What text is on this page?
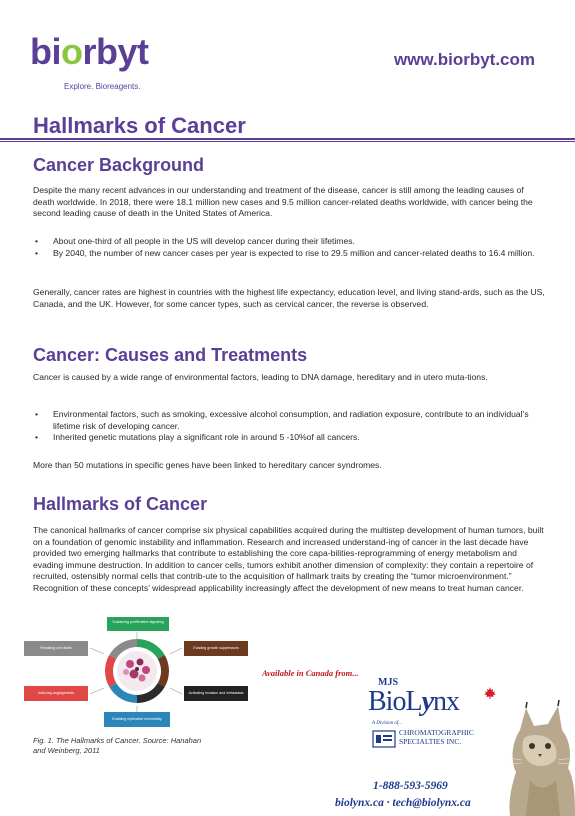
biorbyt
Explore. Bioreagents.
www.biorbyt.com
Hallmarks of Cancer
Cancer Background

Despite the many recent advances in our understanding and treatment of the disease, cancer is still among the leading causes of death worldwide. In 2018, there were 18.1 million new cases and 9.5 million cancer-related deaths worldwide, with cancer being the second leading cause of death in the United States of America.

• About one-third of all people in the US will develop cancer during their lifetimes.
• By 2040, the number of new cancer cases per year is expected to rise to 29.5 million and cancer-related deaths to 16.4 million.

Generally, cancer rates are highest in countries with the highest life expectancy, education level, and living stand-ards, such as the US, Canada, and the UK. However, for some cancer types, such as cervical cancer, the reverse is observed.

Cancer: Causes and Treatments

Cancer is caused by a wide range of environmental factors, leading to DNA damage, hereditary and in utero muta-tions.

• Environmental factors, such as smoking, excessive alcohol consumption, and radiation exposure, contribute to an individual’s lifetime risk of developing cancer.
• Inherited genetic mutations play a significant role in around 5 -10%of all cancers.

More than 50 mutations in specific genes have been linked to hereditary cancer syndromes.

Hallmarks of Cancer

The canonical hallmarks of cancer comprise six physical capabilities acquired during the multistep development of human tumors, built on a foundation of genomic instability and inflammation. Research and increased understand-ing of cancer in the last decade have provided two emerging hallmarks that contribute to establishing the core capa-bilities-reprogramming of energy metabolism and evading immune destruction. In addition to cancer cells, tumors exhibit another dimension of complexity: they contain a repertoire of recruited, ostensibly normal cells that contrib-ute to the acquisition of hallmark traits by creating the “tumor microenvironment.” Recognition of these concepts’ widespread applicability increasingly affect the development of new means to treat human cancer.

Sustaining proliferative signaling
Resisting cell death	Evading growth suppressors
Inducing angiogenesis	Activating invasion and metastasis
Enabling replicative immortality
Fig. 1. The Hallmarks of Cancer. Source: Hanahan and Weinberg, 2011
Available in Canada from...
MJS
BioLynx
A Division of...
CHROMATOGRAPHIC SPECIALTIES INC.
1-888-593-5969
biolynx.ca · tech@biolynx.ca
